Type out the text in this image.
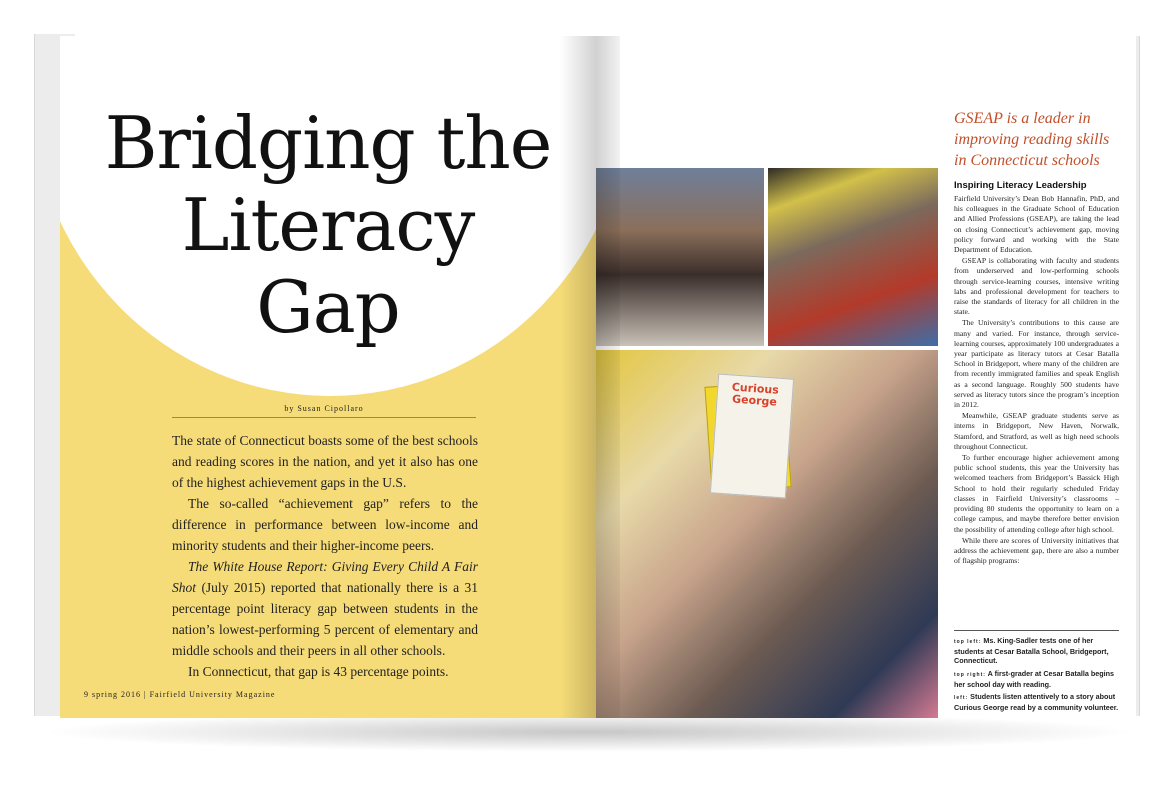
Bridging the
Literacy
Gap
by Susan Cipollaro

The state of Connecticut boasts some of the best schools and reading scores in the nation, and yet it also has one of the highest achievement gaps in the U.S.

The so-called “achievement gap” refers to the difference in performance between low-income and minority students and their higher-income peers.

The White House Report: Giving Every Child A Fair Shot (July 2015) reported that nationally there is a 31 percentage point literacy gap between students in the nation’s lowest-performing 5 percent of elementary and middle schools and their peers in all other schools.

In Connecticut, that gap is 43 percentage points.

9 spring 2016 | Fairfield University Magazine
Curious George
GSEAP is a leader in improving reading skills in Connecticut schools
Inspiring Literacy Leadership

Fairfield University’s Dean Bob Hannafin, PhD, and his colleagues in the Graduate School of Education and Allied Professions (GSEAP), are taking the lead on closing Connecticut’s achievement gap, moving policy forward and working with the State Department of Education.

GSEAP is collaborating with faculty and students from underserved and low-performing schools through service-learning courses, intensive writing labs and professional development for teachers to raise the standards of literacy for all children in the state.

The University’s contributions to this cause are many and varied. For instance, through service-learning courses, approximately 100 undergraduates a year participate as literacy tutors at Cesar Batalla School in Bridgeport, where many of the children are from recently immigrated families and speak English as a second language. Roughly 500 students have served as literacy tutors since the program’s inception in 2012.

Meanwhile, GSEAP graduate students serve as interns in Bridgeport, New Haven, Norwalk, Stamford, and Stratford, as well as high need schools throughout Connecticut.

To further encourage higher achievement among public school students, this year the University has welcomed teachers from Bridgeport’s Bassick High School to hold their regularly scheduled Friday classes in Fairfield University’s classrooms – providing 80 students the opportunity to learn on a college campus, and maybe therefore better envision the possibility of attending college after high school.

While there are scores of University initiatives that address the achievement gap, there are also a number of flagship programs:

top left: Ms. King-Sadler tests one of her students at Cesar Batalla School, Bridgeport, Connecticut.
top right: A first-grader at Cesar Batalla begins her school day with reading.
left: Students listen attentively to a story about Curious George read by a community volunteer.
